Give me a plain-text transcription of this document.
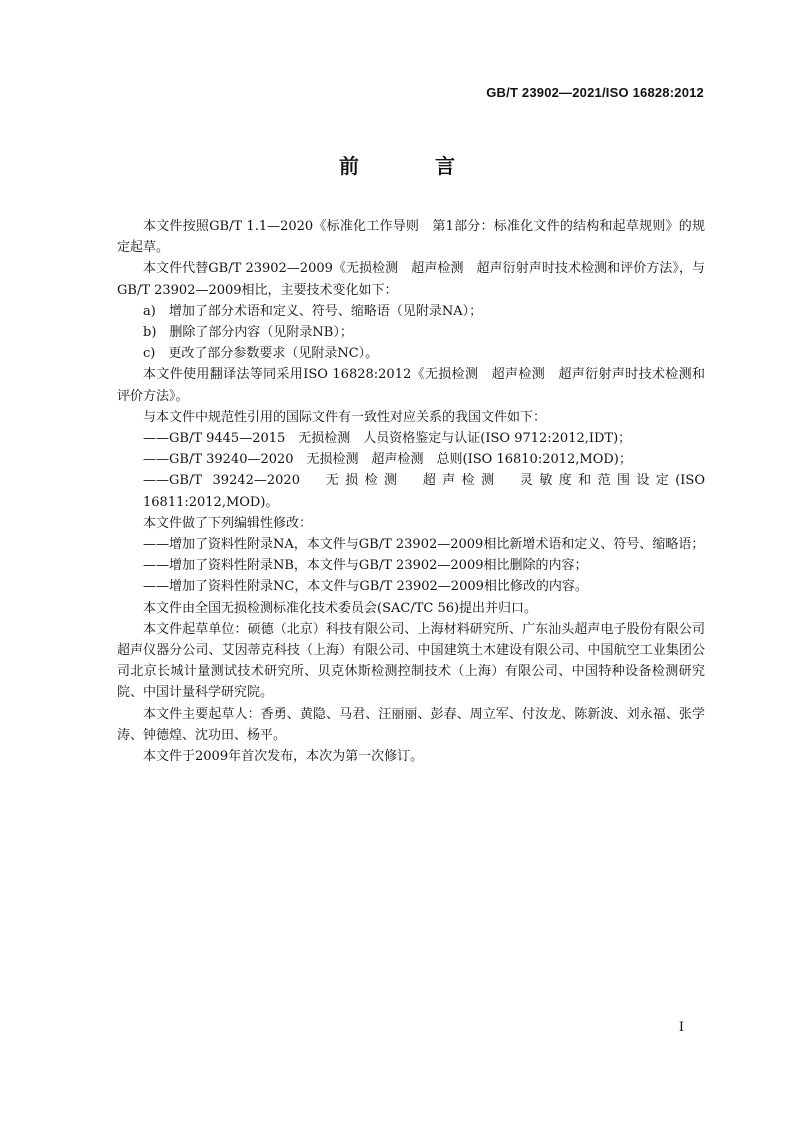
GB/T 23902—2021/ISO 16828:2012
前　言

本文件按照GB/T 1.1—2020《标准化工作导则　第1部分：标准化文件的结构和起草规则》的规定起草。

本文件代替GB/T 23902—2009《无损检测　超声检测　超声衍射声时技术检测和评价方法》，与GB/T 23902—2009相比，主要技术变化如下：

a)　增加了部分术语和定义、符号、缩略语（见附录NA）；

b)　删除了部分内容（见附录NB）；

c)　更改了部分参数要求（见附录NC）。

本文件使用翻译法等同采用ISO 16828:2012《无损检测　超声检测　超声衍射声时技术检测和评价方法》。

与本文件中规范性引用的国际文件有一致性对应关系的我国文件如下：

——GB/T 9445—2015　无损检测　人员资格鉴定与认证(ISO 9712:2012,IDT)；

——GB/T 39240—2020　无损检测　超声检测　总则(ISO 16810:2012,MOD)；

——GB/T 39242—2020　无损检测　超声检测　灵敏度和范围设定(ISO 16811:2012,MOD)。

本文件做了下列编辑性修改：

——增加了资料性附录NA，本文件与GB/T 23902—2009相比新增术语和定义、符号、缩略语；

——增加了资料性附录NB，本文件与GB/T 23902—2009相比删除的内容；

——增加了资料性附录NC，本文件与GB/T 23902—2009相比修改的内容。

本文件由全国无损检测标准化技术委员会(SAC/TC 56)提出并归口。

本文件起草单位：硕德（北京）科技有限公司、上海材料研究所、广东汕头超声电子股份有限公司超声仪器分公司、艾因蒂克科技（上海）有限公司、中国建筑土木建设有限公司、中国航空工业集团公司北京长城计量测试技术研究所、贝克休斯检测控制技术（上海）有限公司、中国特种设备检测研究院、中国计量科学研究院。

本文件主要起草人：香勇、黄隐、马君、汪丽丽、彭春、周立军、付汝龙、陈新波、刘永福、张学涛、钟德煌、沈功田、杨平。

本文件于2009年首次发布，本次为第一次修订。

I
